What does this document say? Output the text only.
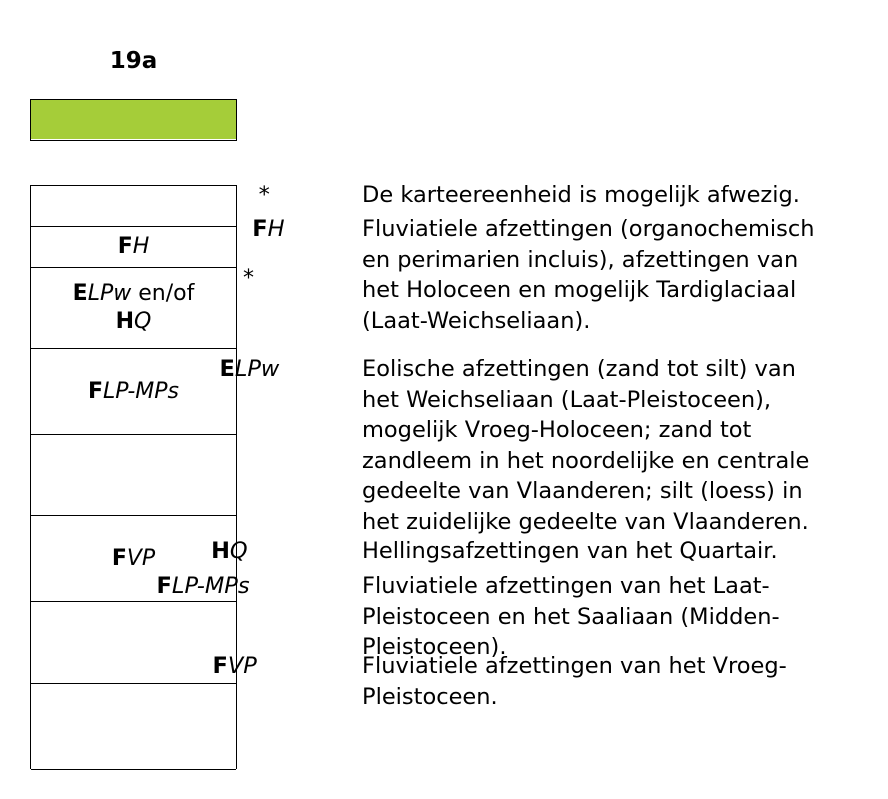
19a
FH
ELPw en/of
HQ
FLP-MPs
FVP
*
*	De karteereenheid is mogelijk afwezig.
FH	Fluviatiele afzettingen (organochemisch
en perimarien incluis), afzettingen van
het Holoceen en mogelijk Tardiglaciaal
(Laat-Weichseliaan).
ELPw	Eolische afzettingen (zand tot silt) van
het Weichseliaan (Laat-Pleistoceen),
mogelijk Vroeg-Holoceen; zand tot
zandleem in het noordelijke en centrale
gedeelte van Vlaanderen; silt (loess) in
het zuidelijke gedeelte van Vlaanderen.
HQ	Hellingsafzettingen van het Quartair.
FLP-MPs	Fluviatiele afzettingen van het Laat-
Pleistoceen en het Saaliaan (Midden-
Pleistoceen).
FVP	Fluviatiele afzettingen van het Vroeg-
Pleistoceen.
